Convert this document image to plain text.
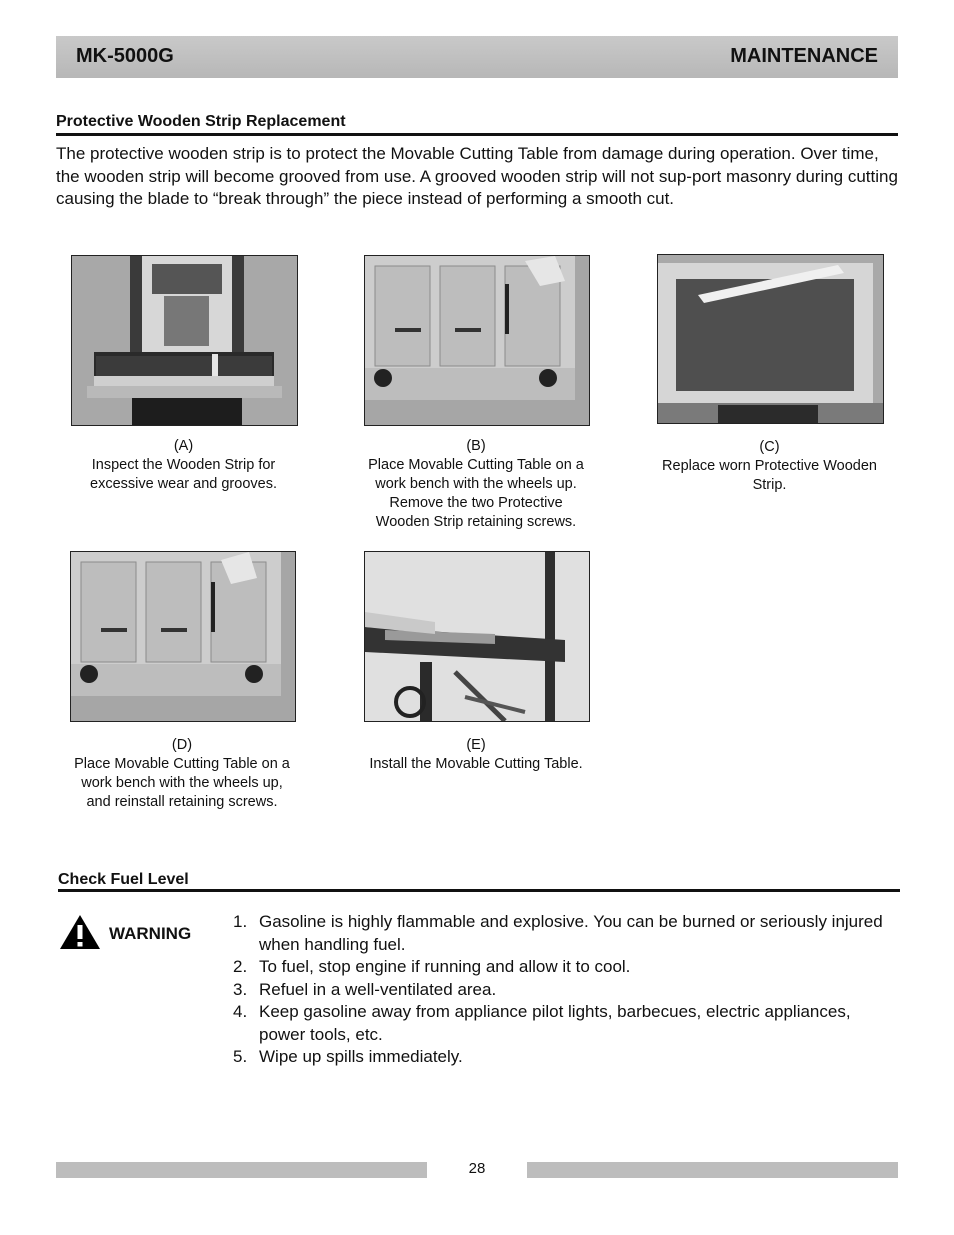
MK-5000G	MAINTENANCE
Protective Wooden Strip Replacement
The protective wooden strip is to protect the Movable Cutting Table from damage during operation. Over time, the wooden strip will become grooved from use. A grooved wooden strip will not sup-port masonry during cutting causing the blade to “break through” the piece instead of performing a smooth cut.
(A)
Inspect the Wooden Strip for excessive wear and grooves.
(B)
Place Movable Cutting Table on a work bench with the wheels up. Remove the two Protective Wooden Strip retaining screws.
(C)
Replace worn Protective Wooden Strip.
(D)
Place Movable Cutting Table on a work bench with the wheels up, and reinstall retaining screws.
(E)
Install the Movable Cutting Table.
Check Fuel Level
WARNING
1. Gasoline is highly flammable and explosive. You can be burned or seriously injured when handling fuel.
2. To fuel, stop engine if running and allow it to cool.
3. Refuel in a well-ventilated area.
4. Keep gasoline away from appliance pilot lights, barbecues, electric appliances, power tools, etc.
5. Wipe up spills immediately.
28
